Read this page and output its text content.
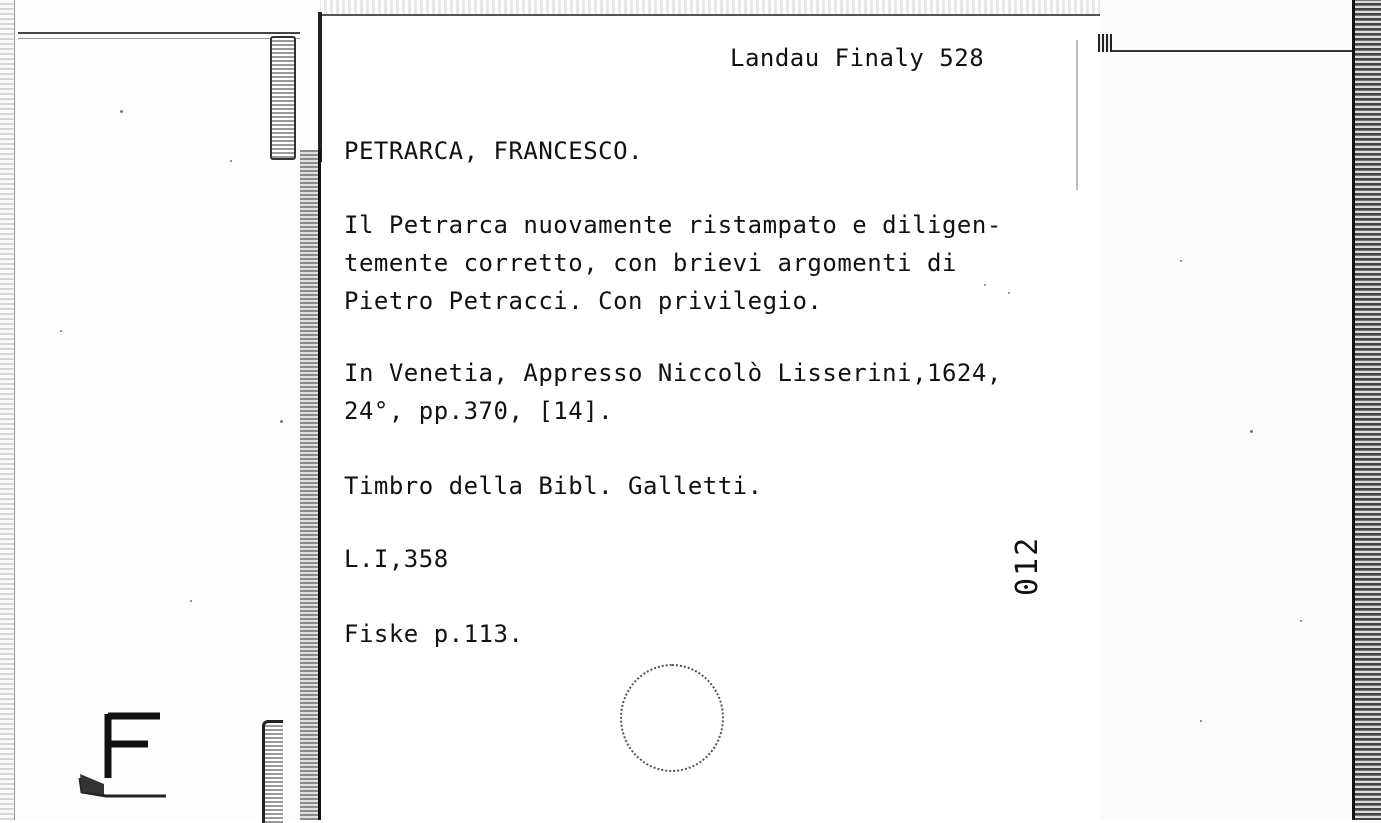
Landau Finaly 528
PETRARCA, FRANCESCO.
Il Petrarca nuovamente ristampato e diligen-
temente corretto, con brievi argomenti di
Pietro Petracci. Con privilegio.
In Venetia, Appresso Niccolò Lisserini,1624,
24°, pp.370, [14].
Timbro della Bibl. Galletti.
L.I,358
Fiske p.113.
012
